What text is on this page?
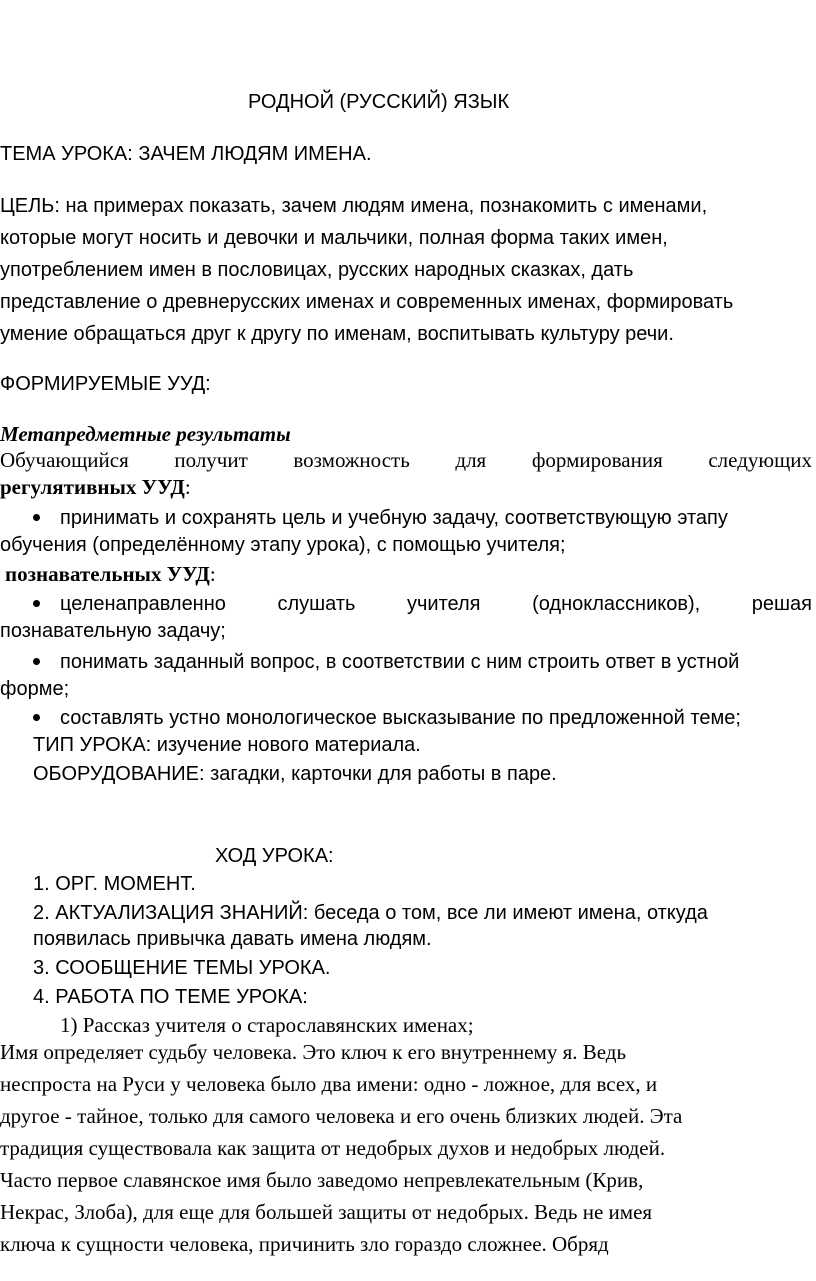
РОДНОЙ (РУССКИЙ) ЯЗЫК
ТЕМА УРОКА: ЗАЧЕМ ЛЮДЯМ ИМЕНА.
ЦЕЛЬ: на примерах показать, зачем людям имена, познакомить с именами,
которые могут носить и девочки и мальчики, полная форма таких имен,
употреблением имен в пословицах, русских народных сказках, дать
представление о древнерусских именах и современных именах, формировать
умение обращаться друг к другу по именам, воспитывать культуру речи.
ФОРМИРУЕМЫЕ УУД:
Метапредметные результаты
Обучающийся получит возможность для формирования следующих
регулятивных УУД:
принимать и сохранять цель и учебную задачу, соответствующую этапу
обучения (определённому этапу урока), с помощью учителя;
познавательных УУД:
целенаправленно	слушать	учителя	(одноклассников),	решая
познавательную задачу;
понимать заданный вопрос, в соответствии с ним строить ответ в устной
форме;
составлять устно монологическое высказывание по предложенной теме;
ТИП УРОКА: изучение нового материала.
ОБОРУДОВАНИЕ: загадки, карточки для работы в паре.
ХОД УРОКА:
1. ОРГ. МОМЕНТ.
2. АКТУАЛИЗАЦИЯ ЗНАНИЙ: беседа о том, все ли имеют имена, откуда
появилась привычка давать имена людям.
3. СООБЩЕНИЕ ТЕМЫ УРОКА.
4. РАБОТА ПО ТЕМЕ УРОКА:
1) Рассказ учителя о старославянских именах;
Имя определяет судьбу человека. Это ключ к его внутреннему я. Ведь
неспроста на Руси у человека было два имени: одно - ложное, для всех, и
другое - тайное, только для самого человека и его очень близких людей. Эта
традиция существовала как защита от недобрых духов и недобрых людей.
Часто первое славянское имя было заведомо непревлекательным (Крив,
Некрас, Злоба), для еще для большей защиты от недобрых. Ведь не имея
ключа к сущности человека, причинить зло гораздо сложнее. Обряд
